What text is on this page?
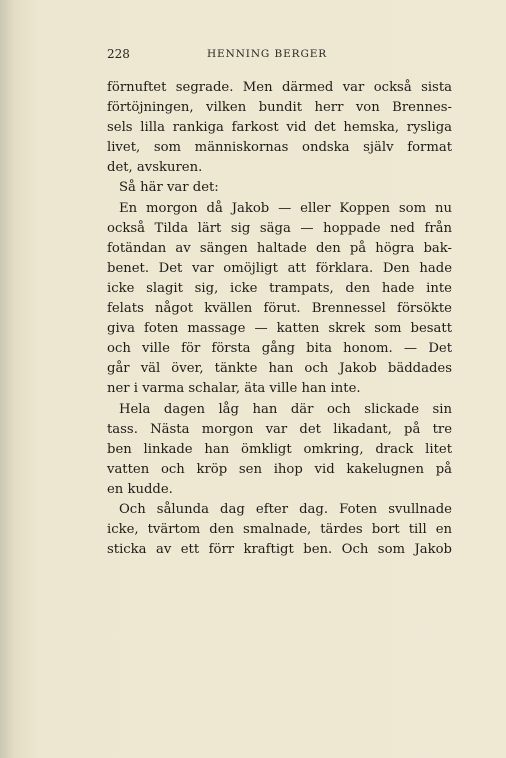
228	HENNING BERGER
förnuftet segrade. Men därmed var också sista
förtöjningen, vilken bundit herr von Brennes-
sels lilla rankiga farkost vid det hemska, rysliga
livet, som människornas ondska själv format
det, avskuren.
Så här var det:
En morgon då Jakob — eller Koppen som nu
också Tilda lärt sig säga — hoppade ned från
fotändan av sängen haltade den på högra bak-
benet. Det var omöjligt att förklara. Den hade
icke slagit sig, icke trampats, den hade inte
felats något kvällen förut. Brennessel försökte
giva foten massage — katten skrek som besatt
och ville för första gång bita honom. — Det
går väl över, tänkte han och Jakob bäddades
ner i varma schalar, äta ville han inte.
Hela dagen låg han där och slickade sin
tass. Nästa morgon var det likadant, på tre
ben linkade han ömkligt omkring, drack litet
vatten och kröp sen ihop vid kakelugnen på
en kudde.
Och sålunda dag efter dag. Foten svullnade
icke, tvärtom den smalnade, tärdes bort till en
sticka av ett förr kraftigt ben. Och som Jakob
